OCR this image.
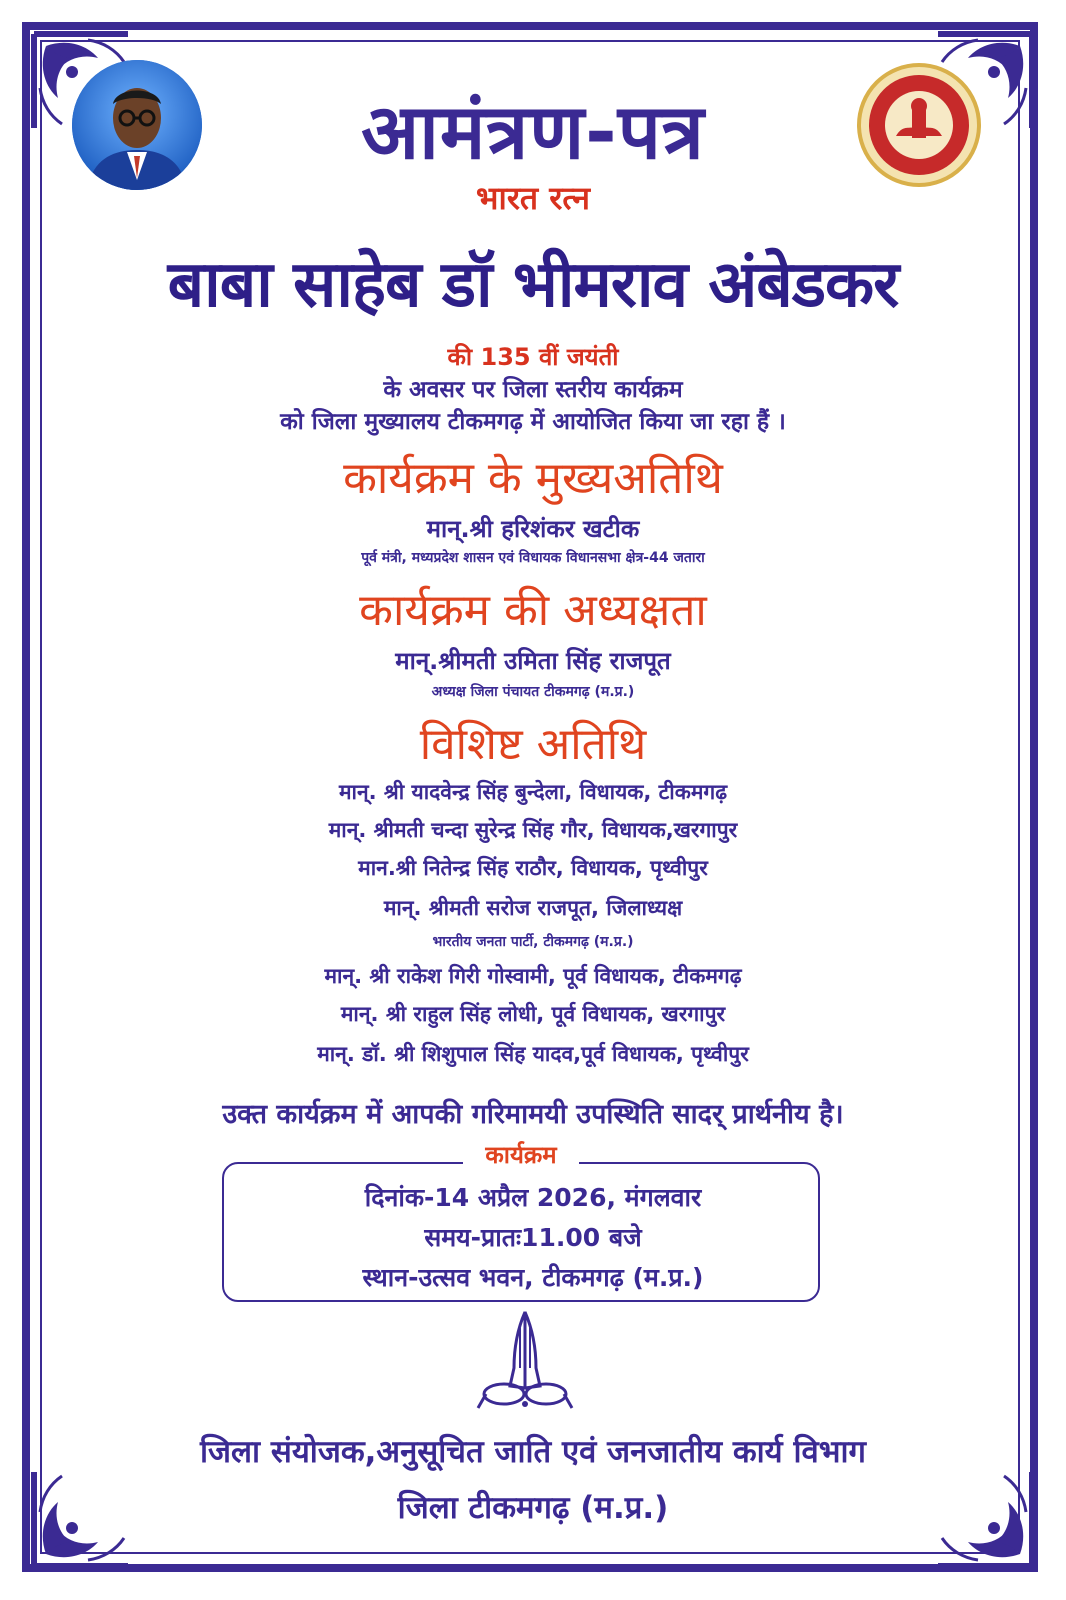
आमंत्रण-पत्र
भारत रत्न
बाबा साहेब डॉ भीमराव अंबेडकर
की 135 वीं जयंती
के अवसर पर जिला स्तरीय कार्यक्रम
को जिला मुख्यालय टीकमगढ़ में आयोजित किया जा रहा हैं ।
कार्यक्रम के मुख्यअतिथि
मान्.श्री हरिशंकर खटीक
पूर्व मंत्री, मध्यप्रदेश शासन एवं विधायक विधानसभा क्षेत्र-44 जतारा
कार्यक्रम की अध्यक्षता
मान्.श्रीमती उमिता सिंह राजपूत
अध्यक्ष जिला पंचायत टीकमगढ़ (म.प्र.)
विशिष्ट अतिथि
मान्. श्री यादवेन्द्र सिंह बुन्देला, विधायक, टीकमगढ़
मान्. श्रीमती चन्दा सुरेन्द्र सिंह गौर, विधायक,खरगापुर
मान.श्री नितेन्द्र सिंह राठौर, विधायक, पृथ्वीपुर
मान्. श्रीमती सरोज राजपूत, जिलाध्यक्ष
भारतीय जनता पार्टी, टीकमगढ़ (म.प्र.)
मान्. श्री राकेश गिरी गोस्वामी, पूर्व विधायक, टीकमगढ़
मान्. श्री राहुल सिंह लोधी, पूर्व विधायक, खरगापुर
मान्. डॉ. श्री शिशुपाल सिंह यादव,पूर्व विधायक, पृथ्वीपुर
उक्त कार्यक्रम में आपकी गरिमामयी उपस्थिति सादर् प्रार्थनीय है।
कार्यक्रम
दिनांक-14 अप्रैल 2026, मंगलवार
समय-प्रातः11.00 बजे
स्थान-उत्सव भवन, टीकमगढ़ (म.प्र.)
जिला संयोजक,अनुसूचित जाति एवं जनजातीय कार्य विभाग
जिला टीकमगढ़ (म.प्र.)
